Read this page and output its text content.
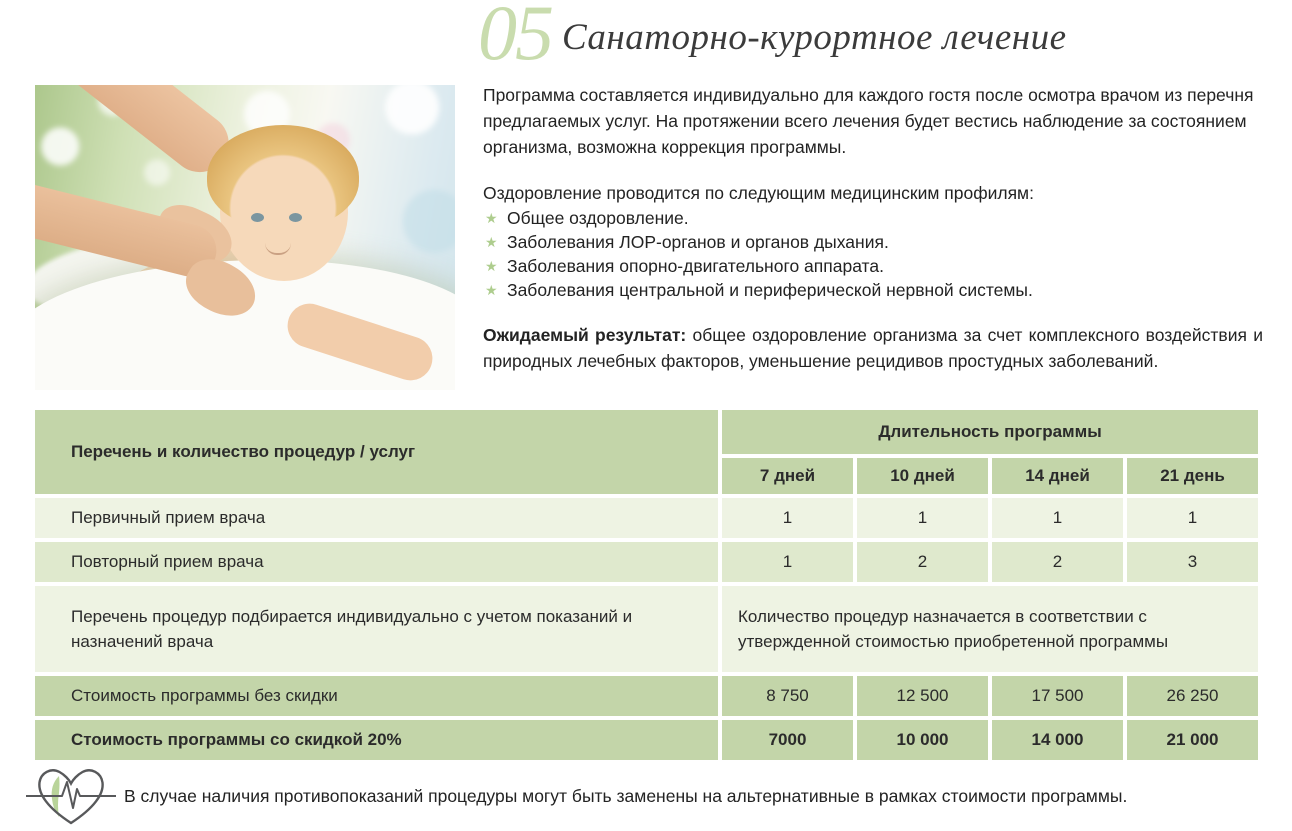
05 Санаторно-курортное лечение

Программа составляется индивидуально для каждого гостя после осмотра врачом из перечня предлагаемых услуг. На протяжении всего лечения будет вестись наблюдение за состоянием организма, возможна коррекция программы.

Оздоровление проводится по следующим медицинским профилям:

★ Общее оздоровление.
★ Заболевания ЛОР-органов и органов дыхания.
★ Заболевания опорно-двигательного аппарата.
★ Заболевания центральной и периферической нервной системы.

Ожидаемый результат: общее оздоровление организма за счет комплексного воздействия и природных лечебных факторов, уменьшение рецидивов простудных заболеваний.

Перечень и количество процедур / услуг	Длительность программы			
	7 дней	10 дней	14 дней	21 день
Первичный прием врача	1	1	1	1
Повторный прием врача	1	2	2	3
Перечень процедур подбирается индивидуально с учетом показаний и назначений врача	Количество процедур назначается в соответствии с утвержденной стоимостью приобретенной программы			
Стоимость программы без скидки	8 750	12 500	17 500	26 250
Стоимость программы со скидкой 20%	7000	10 000	14 000	21 000
В случае наличия противопоказаний процедуры могут быть заменены на альтернативные в рамках стоимости программы.
